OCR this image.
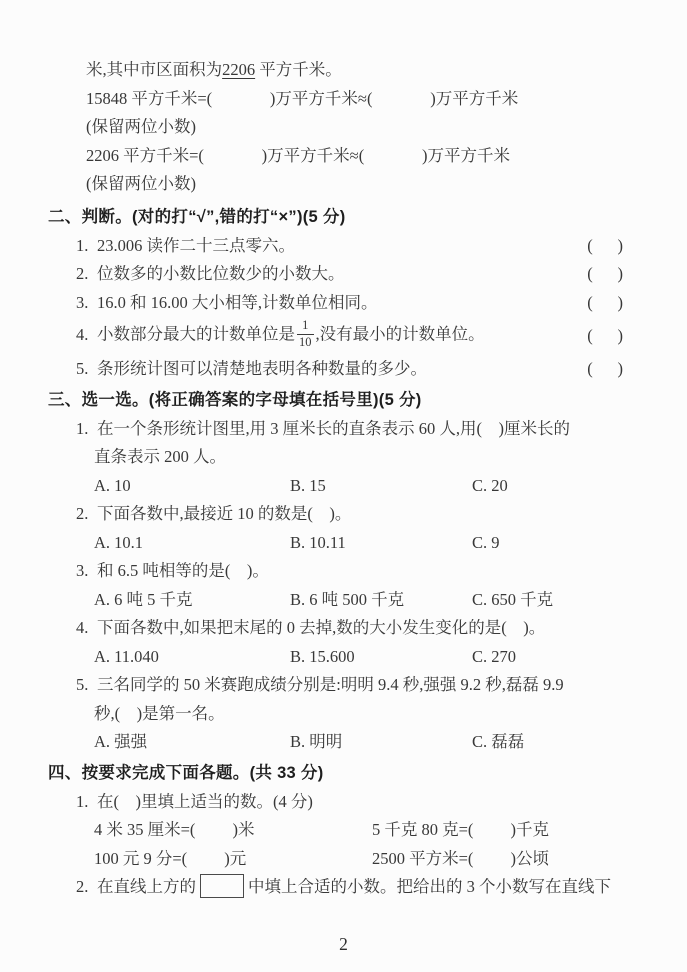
米,其中市区面积为2206 平方千米。
15848 平方千米=(              )万平方千米≈(              )万平方千米
(保留两位小数)
2206 平方千米=(              )万平方千米≈(              )万平方千米
(保留两位小数)
二、判断。(对的打“√”,错的打“×”)(5 分)
1. 23.006 读作二十三点零六。	(      )
2. 位数多的小数比位数少的小数大。	(      )
3. 16.0 和 16.00 大小相等,计数单位相同。	(      )
4. 小数部分最大的计数单位是 $\frac{1}{10}$ ,没有最小的计数单位。	(      )
5. 条形统计图可以清楚地表明各种数量的多少。	(      )
三、选一选。(将正确答案的字母填在括号里)(5 分)
1. 在一个条形统计图里,用 3 厘米长的直条表示 60 人,用(    )厘米长的
直条表示 200 人。
A. 10	B. 15	C. 20
2. 下面各数中,最接近 10 的数是(    )。
A. 10.1	B. 10.11	C. 9
3. 和 6.5 吨相等的是(    )。
A. 6 吨 5 千克	B. 6 吨 500 千克	C. 650 千克
4. 下面各数中,如果把末尾的 0 去掉,数的大小发生变化的是(    )。
A. 11.040	B. 15.600	C. 270
5. 三名同学的 50 米赛跑成绩分别是:明明 9.4 秒,强强 9.2 秒,磊磊 9.9
秒,(    )是第一名。
A. 强强	B. 明明	C. 磊磊
四、按要求完成下面各题。(共 33 分)
1. 在(    )里填上适当的数。(4 分)
4 米 35 厘米=(         )米	5 千克 80 克=(         )千克
100 元 9 分=(         )元	2500 平方米=(         )公顷
2. 在直线上方的	中填上合适的小数。把给出的 3 个小数写在直线下
2
